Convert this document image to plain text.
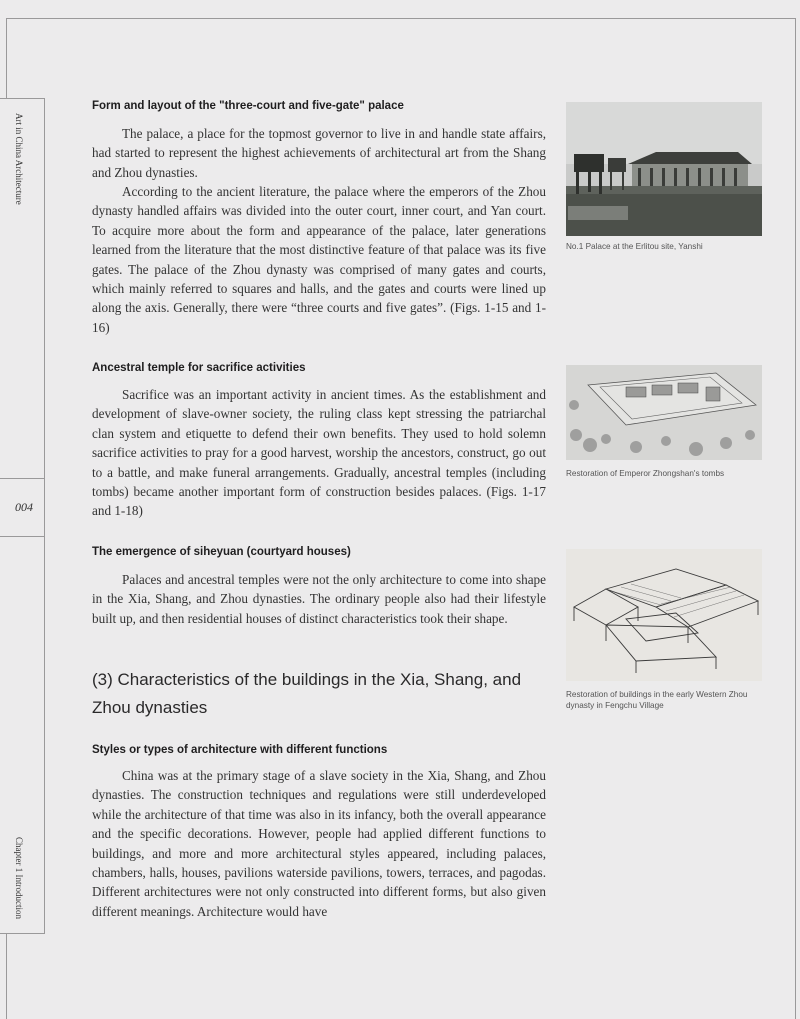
Art in China Architecture
004
Chapter 1 Introduction
Form and layout of the "three-court and five-gate" palace

The palace, a place for the topmost governor to live in and handle state affairs, had started to represent the highest achievements of architectural art from the Shang and Zhou dynasties.

According to the ancient literature, the palace where the emperors of the Zhou dynasty handled affairs was divided into the outer court, inner court, and Yan court. To acquire more about the form and appearance of the palace, later generations learned from the literature that the most distinctive feature of that palace was its five gates. The palace of the Zhou dynasty was comprised of many gates and courts, which mainly referred to squares and halls, and the gates and courts were lined up along the axis. Generally, there were “three courts and five gates”. (Figs. 1-15 and 1-16)

Ancestral temple for sacrifice activities

Sacrifice was an important activity in ancient times. As the establishment and development of slave-owner society, the ruling class kept stressing the patriarchal clan system and etiquette to defend their own benefits. They used to hold solemn sacrifice activities to pray for a good harvest, worship the ancestors, construct, go out to a battle, and make funeral arrangements. Gradually, ancestral temples (including tombs) became another important form of construction besides palaces. (Figs. 1-17 and 1-18)

The emergence of siheyuan (courtyard houses)

Palaces and ancestral temples were not the only architecture to come into shape in the Xia, Shang, and Zhou dynasties. The ordinary people also had their lifestyle built up, and then residential houses of distinct characteristics took their shape.

(3) Characteristics of the buildings in the Xia, Shang, and Zhou dynasties
Styles or types of architecture with different functions

China was at the primary stage of a slave society in the Xia, Shang, and Zhou dynasties. The construction techniques and regulations were still underdeveloped while the architecture of that time was also in its infancy, both the overall appearance and the specific decorations. However, people had applied different functions to buildings, and more and more architectural styles appeared, including palaces, chambers, halls, houses, pavilions waterside pavilions, towers, terraces, and pagodas. Different architectures were not only constructed into different forms, but also given different meanings. Architecture would have

No.1 Palace at the Erlitou site, Yanshi
Restoration of Emperor Zhongshan's tombs
Restoration of buildings in the early Western Zhou dynasty in Fengchu Village
